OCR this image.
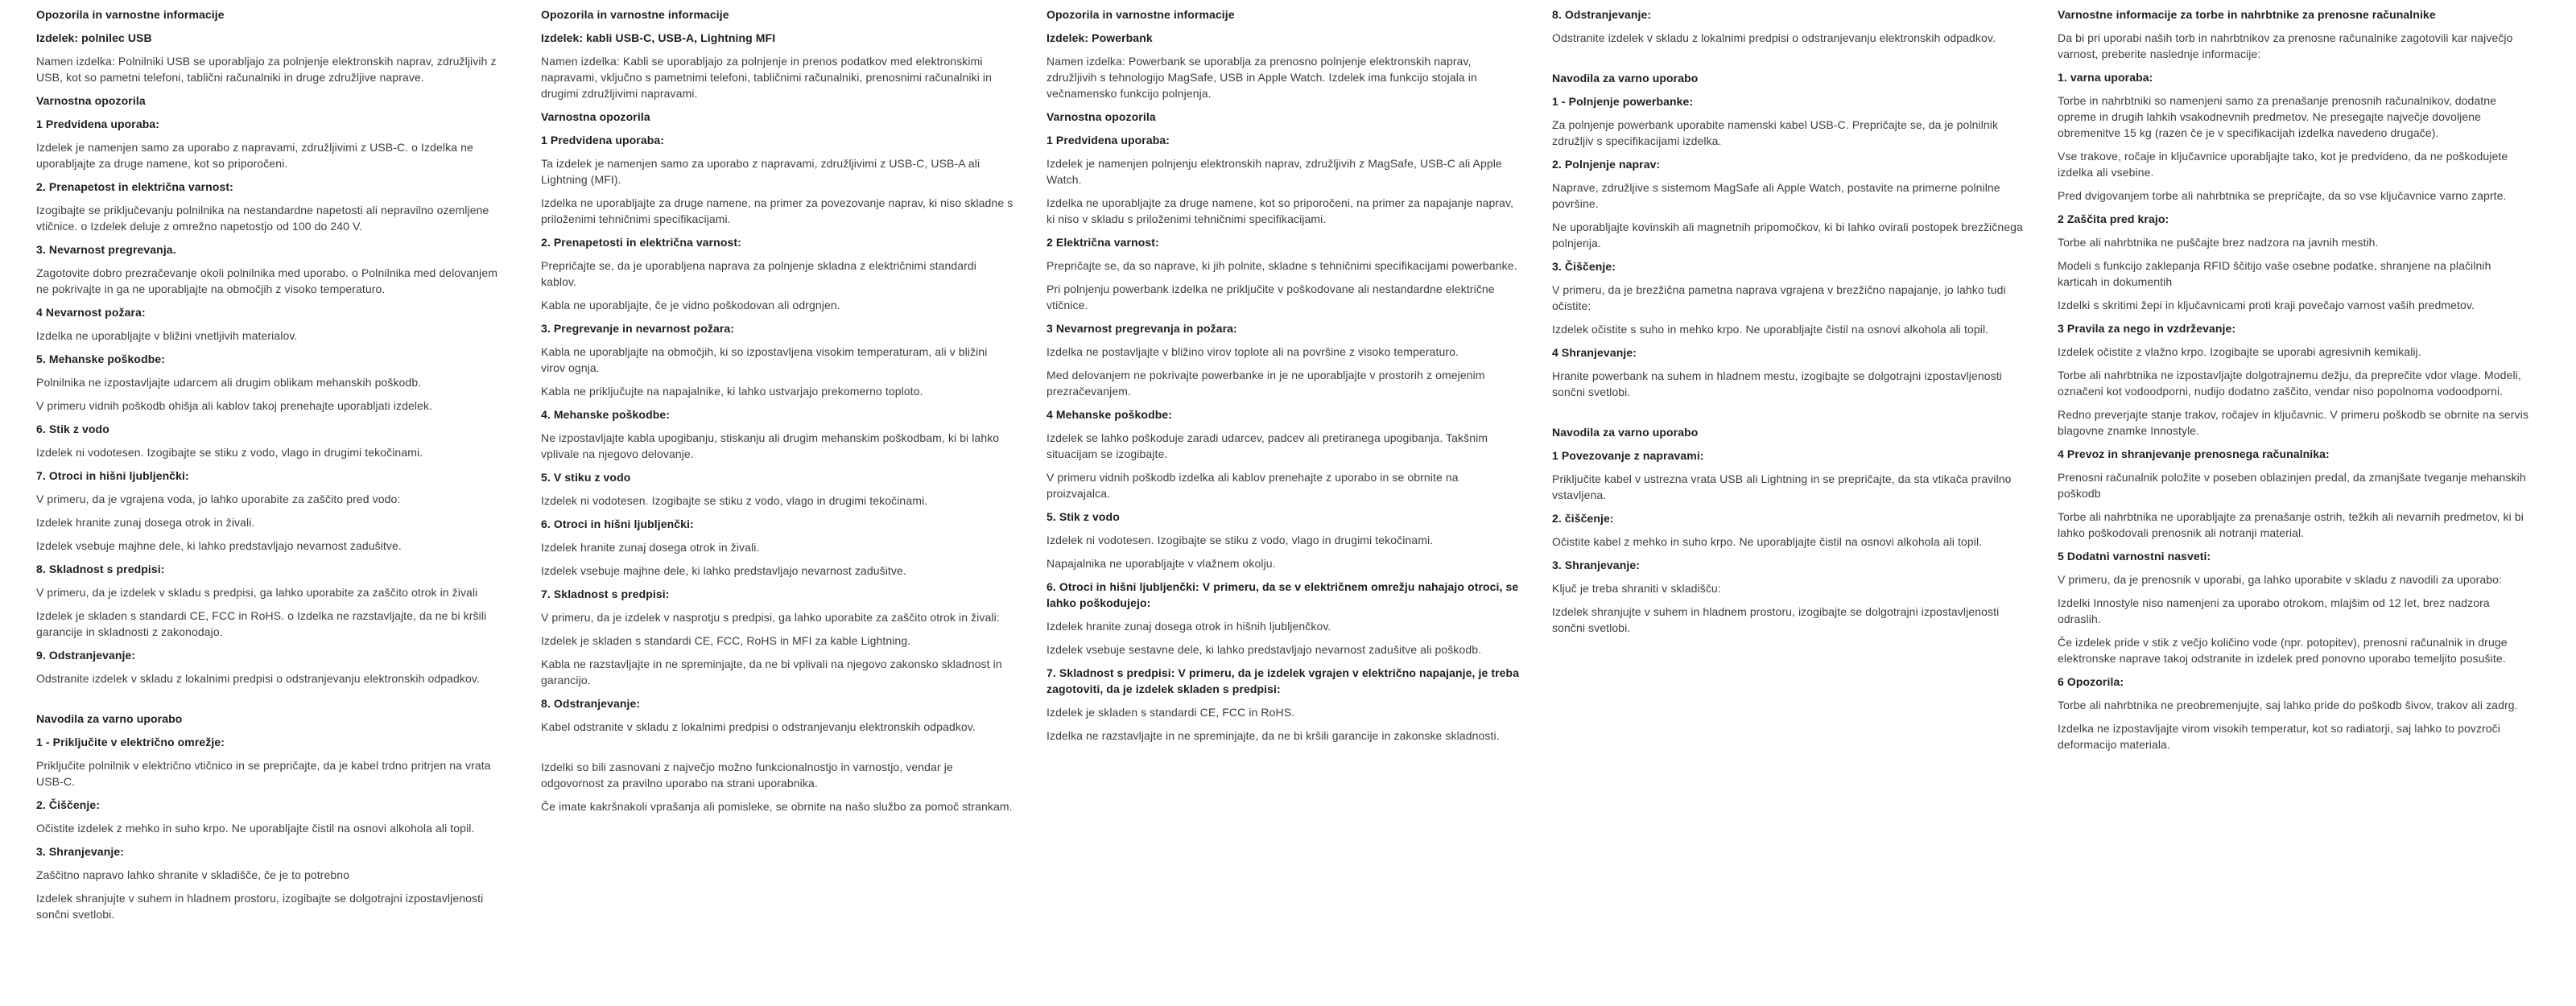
Opozorila in varnostne informacije

Izdelek: polnilec USB

Namen izdelka: Polnilniki USB se uporabljajo za polnjenje elektronskih naprav, združljivih z USB, kot so pametni telefoni, tablični računalniki in druge združljive naprave.

Varnostna opozorila

1 Predvidena uporaba:

Izdelek je namenjen samo za uporabo z napravami, združljivimi z USB-C. o Izdelka ne uporabljajte za druge namene, kot so priporočeni.

2. Prenapetost in električna varnost:

Izogibajte se priključevanju polnilnika na nestandardne napetosti ali nepravilno ozemljene vtičnice. o Izdelek deluje z omrežno napetostjo od 100 do 240 V.

3. Nevarnost pregrevanja.

Zagotovite dobro prezračevanje okoli polnilnika med uporabo. o Polnilnika med delovanjem ne pokrivajte in ga ne uporabljajte na območjih z visoko temperaturo.

4 Nevarnost požara:

Izdelka ne uporabljajte v bližini vnetljivih materialov.

5. Mehanske poškodbe:

Polnilnika ne izpostavljajte udarcem ali drugim oblikam mehanskih poškodb.

V primeru vidnih poškodb ohišja ali kablov takoj prenehajte uporabljati izdelek.

6. Stik z vodo

Izdelek ni vodotesen. Izogibajte se stiku z vodo, vlago in drugimi tekočinami.

7. Otroci in hišni ljubljenčki:

V primeru, da je vgrajena voda, jo lahko uporabite za zaščito pred vodo:

Izdelek hranite zunaj dosega otrok in živali.

Izdelek vsebuje majhne dele, ki lahko predstavljajo nevarnost zadušitve.

8. Skladnost s predpisi:

V primeru, da je izdelek v skladu s predpisi, ga lahko uporabite za zaščito otrok in živali

Izdelek je skladen s standardi CE, FCC in RoHS. o Izdelka ne razstavljajte, da ne bi kršili garancije in skladnosti z zakonodajo.

9. Odstranjevanje:

Odstranite izdelek v skladu z lokalnimi predpisi o odstranjevanju elektronskih odpadkov.

Navodila za varno uporabo

1 - Priključite v električno omrežje:

Priključite polnilnik v električno vtičnico in se prepričajte, da je kabel trdno pritrjen na vrata USB-C.

2. Čiščenje:

Očistite izdelek z mehko in suho krpo. Ne uporabljajte čistil na osnovi alkohola ali topil.

3. Shranjevanje:

Zaščitno napravo lahko shranite v skladišče, če je to potrebno

Izdelek shranjujte v suhem in hladnem prostoru, izogibajte se dolgotrajni izpostavljenosti sončni svetlobi.

Opozorila in varnostne informacije

Izdelek: kabli USB-C, USB-A, Lightning MFI

Namen izdelka: Kabli se uporabljajo za polnjenje in prenos podatkov med elektronskimi napravami, vključno s pametnimi telefoni, tabličnimi računalniki, prenosnimi računalniki in drugimi združljivimi napravami.

Varnostna opozorila

1 Predvidena uporaba:

Ta izdelek je namenjen samo za uporabo z napravami, združljivimi z USB-C, USB-A ali Lightning (MFI).

Izdelka ne uporabljajte za druge namene, na primer za povezovanje naprav, ki niso skladne s priloženimi tehničnimi specifikacijami.

2. Prenapetosti in električna varnost:

Prepričajte se, da je uporabljena naprava za polnjenje skladna z električnimi standardi kablov.

Kabla ne uporabljajte, če je vidno poškodovan ali odrgnjen.

3. Pregrevanje in nevarnost požara:

Kabla ne uporabljajte na območjih, ki so izpostavljena visokim temperaturam, ali v bližini virov ognja.

Kabla ne priključujte na napajalnike, ki lahko ustvarjajo prekomerno toploto.

4. Mehanske poškodbe:

Ne izpostavljajte kabla upogibanju, stiskanju ali drugim mehanskim poškodbam, ki bi lahko vplivale na njegovo delovanje.

5. V stiku z vodo

Izdelek ni vodotesen. Izogibajte se stiku z vodo, vlago in drugimi tekočinami.

6. Otroci in hišni ljubljenčki:

Izdelek hranite zunaj dosega otrok in živali.

Izdelek vsebuje majhne dele, ki lahko predstavljajo nevarnost zadušitve.

7. Skladnost s predpisi:

V primeru, da je izdelek v nasprotju s predpisi, ga lahko uporabite za zaščito otrok in živali:

Izdelek je skladen s standardi CE, FCC, RoHS in MFI za kable Lightning.

Kabla ne razstavljajte in ne spreminjajte, da ne bi vplivali na njegovo zakonsko skladnost in garancijo.

8. Odstranjevanje:

Kabel odstranite v skladu z lokalnimi predpisi o odstranjevanju elektronskih odpadkov.

Izdelki so bili zasnovani z največjo možno funkcionalnostjo in varnostjo, vendar je odgovornost za pravilno uporabo na strani uporabnika.

Če imate kakršnakoli vprašanja ali pomisleke, se obrnite na našo službo za pomoč strankam.

Opozorila in varnostne informacije

Izdelek: Powerbank

Namen izdelka: Powerbank se uporablja za prenosno polnjenje elektronskih naprav, združljivih s tehnologijo MagSafe, USB in Apple Watch. Izdelek ima funkcijo stojala in večnamensko funkcijo polnjenja.

Varnostna opozorila

1 Predvidena uporaba:

Izdelek je namenjen polnjenju elektronskih naprav, združljivih z MagSafe, USB-C ali Apple Watch.

Izdelka ne uporabljajte za druge namene, kot so priporočeni, na primer za napajanje naprav, ki niso v skladu s priloženimi tehničnimi specifikacijami.

2 Električna varnost:

Prepričajte se, da so naprave, ki jih polnite, skladne s tehničnimi specifikacijami powerbanke.

Pri polnjenju powerbank izdelka ne priključite v poškodovane ali nestandardne električne vtičnice.

3 Nevarnost pregrevanja in požara:

Izdelka ne postavljajte v bližino virov toplote ali na površine z visoko temperaturo.

Med delovanjem ne pokrivajte powerbanke in je ne uporabljajte v prostorih z omejenim prezračevanjem.

4 Mehanske poškodbe:

Izdelek se lahko poškoduje zaradi udarcev, padcev ali pretiranega upogibanja. Takšnim situacijam se izogibajte.

V primeru vidnih poškodb izdelka ali kablov prenehajte z uporabo in se obrnite na proizvajalca.

5. Stik z vodo

Izdelek ni vodotesen. Izogibajte se stiku z vodo, vlago in drugimi tekočinami.

Napajalnika ne uporabljajte v vlažnem okolju.

6. Otroci in hišni ljubljenčki: V primeru, da se v električnem omrežju nahajajo otroci, se lahko poškodujejo:

Izdelek hranite zunaj dosega otrok in hišnih ljubljenčkov.

Izdelek vsebuje sestavne dele, ki lahko predstavljajo nevarnost zadušitve ali poškodb.

7. Skladnost s predpisi: V primeru, da je izdelek vgrajen v električno napajanje, je treba zagotoviti, da je izdelek skladen s predpisi:

Izdelek je skladen s standardi CE, FCC in RoHS.

Izdelka ne razstavljajte in ne spreminjajte, da ne bi kršili garancije in zakonske skladnosti.

8. Odstranjevanje:

Odstranite izdelek v skladu z lokalnimi predpisi o odstranjevanju elektronskih odpadkov.

Navodila za varno uporabo

1 - Polnjenje powerbanke:

Za polnjenje powerbank uporabite namenski kabel USB-C. Prepričajte se, da je polnilnik združljiv s specifikacijami izdelka.

2. Polnjenje naprav:

Naprave, združljive s sistemom MagSafe ali Apple Watch, postavite na primerne polnilne površine.

Ne uporabljajte kovinskih ali magnetnih pripomočkov, ki bi lahko ovirali postopek brezžičnega polnjenja.

3. Čiščenje:

V primeru, da je brezžična pametna naprava vgrajena v brezžično napajanje, jo lahko tudi očistite:

Izdelek očistite s suho in mehko krpo. Ne uporabljajte čistil na osnovi alkohola ali topil.

4 Shranjevanje:

Hranite powerbank na suhem in hladnem mestu, izogibajte se dolgotrajni izpostavljenosti sončni svetlobi.

Navodila za varno uporabo

1 Povezovanje z napravami:

Priključite kabel v ustrezna vrata USB ali Lightning in se prepričajte, da sta vtikača pravilno vstavljena.

2. čiščenje:

Očistite kabel z mehko in suho krpo. Ne uporabljajte čistil na osnovi alkohola ali topil.

3. Shranjevanje:

Ključ je treba shraniti v skladišču:

Izdelek shranjujte v suhem in hladnem prostoru, izogibajte se dolgotrajni izpostavljenosti sončni svetlobi.

Varnostne informacije za torbe in nahrbtnike za prenosne računalnike

Da bi pri uporabi naših torb in nahrbtnikov za prenosne računalnike zagotovili kar največjo varnost, preberite naslednje informacije:

1. varna uporaba:

Torbe in nahrbtniki so namenjeni samo za prenašanje prenosnih računalnikov, dodatne opreme in drugih lahkih vsakodnevnih predmetov. Ne presegajte največje dovoljene obremenitve 15 kg (razen če je v specifikacijah izdelka navedeno drugače).

Vse trakove, ročaje in ključavnice uporabljajte tako, kot je predvideno, da ne poškodujete izdelka ali vsebine.

Pred dvigovanjem torbe ali nahrbtnika se prepričajte, da so vse ključavnice varno zaprte.

2 Zaščita pred krajo:

Torbe ali nahrbtnika ne puščajte brez nadzora na javnih mestih.

Modeli s funkcijo zaklepanja RFID ščitijo vaše osebne podatke, shranjene na plačilnih karticah in dokumentih

Izdelki s skritimi žepi in ključavnicami proti kraji povečajo varnost vaših predmetov.

3 Pravila za nego in vzdrževanje:

Izdelek očistite z vlažno krpo. Izogibajte se uporabi agresivnih kemikalij.

Torbe ali nahrbtnika ne izpostavljajte dolgotrajnemu dežju, da preprečite vdor vlage. Modeli, označeni kot vodoodporni, nudijo dodatno zaščito, vendar niso popolnoma vodoodporni.

Redno preverjajte stanje trakov, ročajev in ključavnic. V primeru poškodb se obrnite na servis blagovne znamke Innostyle.

4 Prevoz in shranjevanje prenosnega računalnika:

Prenosni računalnik položite v poseben oblazinjen predal, da zmanjšate tveganje mehanskih poškodb

Torbe ali nahrbtnika ne uporabljajte za prenašanje ostrih, težkih ali nevarnih predmetov, ki bi lahko poškodovali prenosnik ali notranji material.

5 Dodatni varnostni nasveti:

V primeru, da je prenosnik v uporabi, ga lahko uporabite v skladu z navodili za uporabo:

Izdelki Innostyle niso namenjeni za uporabo otrokom, mlajšim od 12 let, brez nadzora odraslih.

Če izdelek pride v stik z večjo količino vode (npr. potopitev), prenosni računalnik in druge elektronske naprave takoj odstranite in izdelek pred ponovno uporabo temeljito posušite.

6 Opozorila:

Torbe ali nahrbtnika ne preobremenjujte, saj lahko pride do poškodb šivov, trakov ali zadrg.

Izdelka ne izpostavljajte virom visokih temperatur, kot so radiatorji, saj lahko to povzroči deformacijo materiala.
